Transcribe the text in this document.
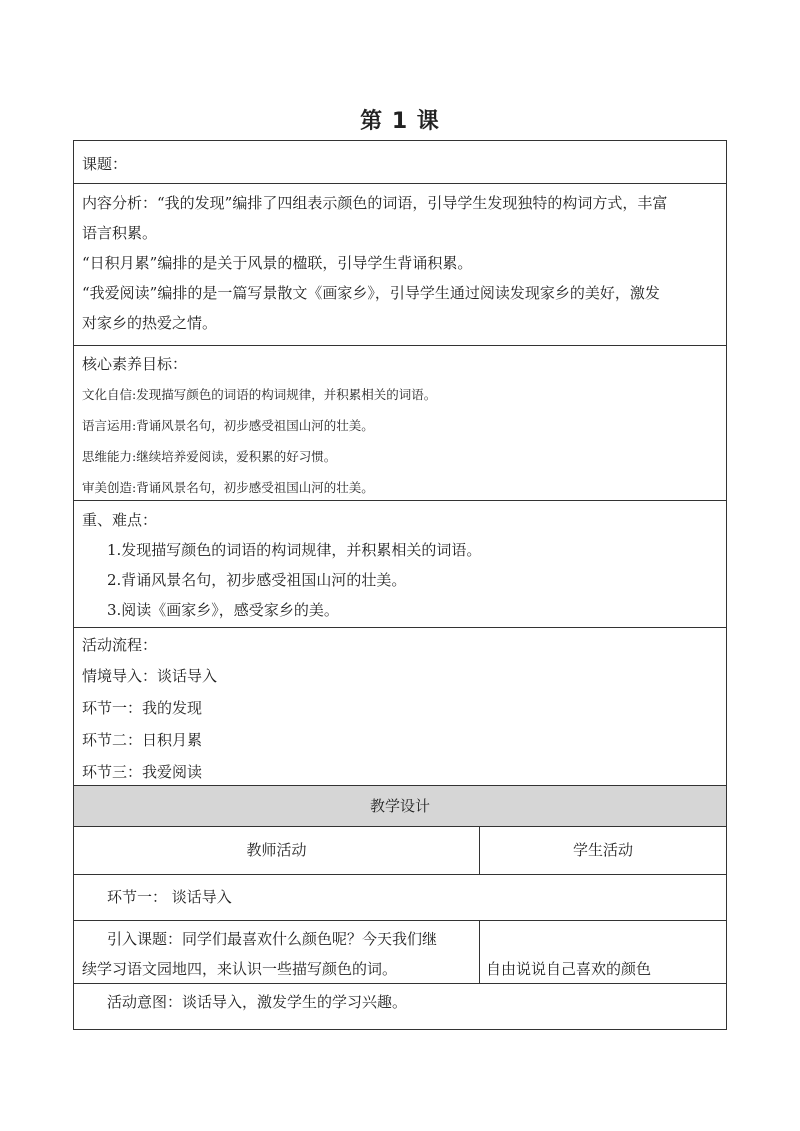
第 1 课
课题：
内容分析：“我的发现”编排了四组表示颜色的词语，引导学生发现独特的构词方式，丰富
语言积累。
“日积月累”编排的是关于风景的楹联，引导学生背诵积累。
“我爱阅读”编排的是一篇写景散文《画家乡》，引导学生通过阅读发现家乡的美好，激发
对家乡的热爱之情。
核心素养目标：
文化自信:发现描写颜色的词语的构词规律，并积累相关的词语。
语言运用:背诵风景名句，初步感受祖国山河的壮美。
思维能力:继续培养爱阅读，爱积累的好习惯。
审美创造:背诵风景名句，初步感受祖国山河的壮美。
重、难点：
1.发现描写颜色的词语的构词规律，并积累相关的词语。
2.背诵风景名句，初步感受祖国山河的壮美。
3.阅读《画家乡》，感受家乡的美。
活动流程：
情境导入：谈话导入
环节一：我的发现
环节二：日积月累
环节三：我爱阅读
教学设计
教师活动	学生活动
环节一： 谈话导入
引入课题：同学们最喜欢什么颜色呢？今天我们继
续学习语文园地四，来认识一些描写颜色的词。	自由说说自己喜欢的颜色
活动意图：谈话导入，激发学生的学习兴趣。
